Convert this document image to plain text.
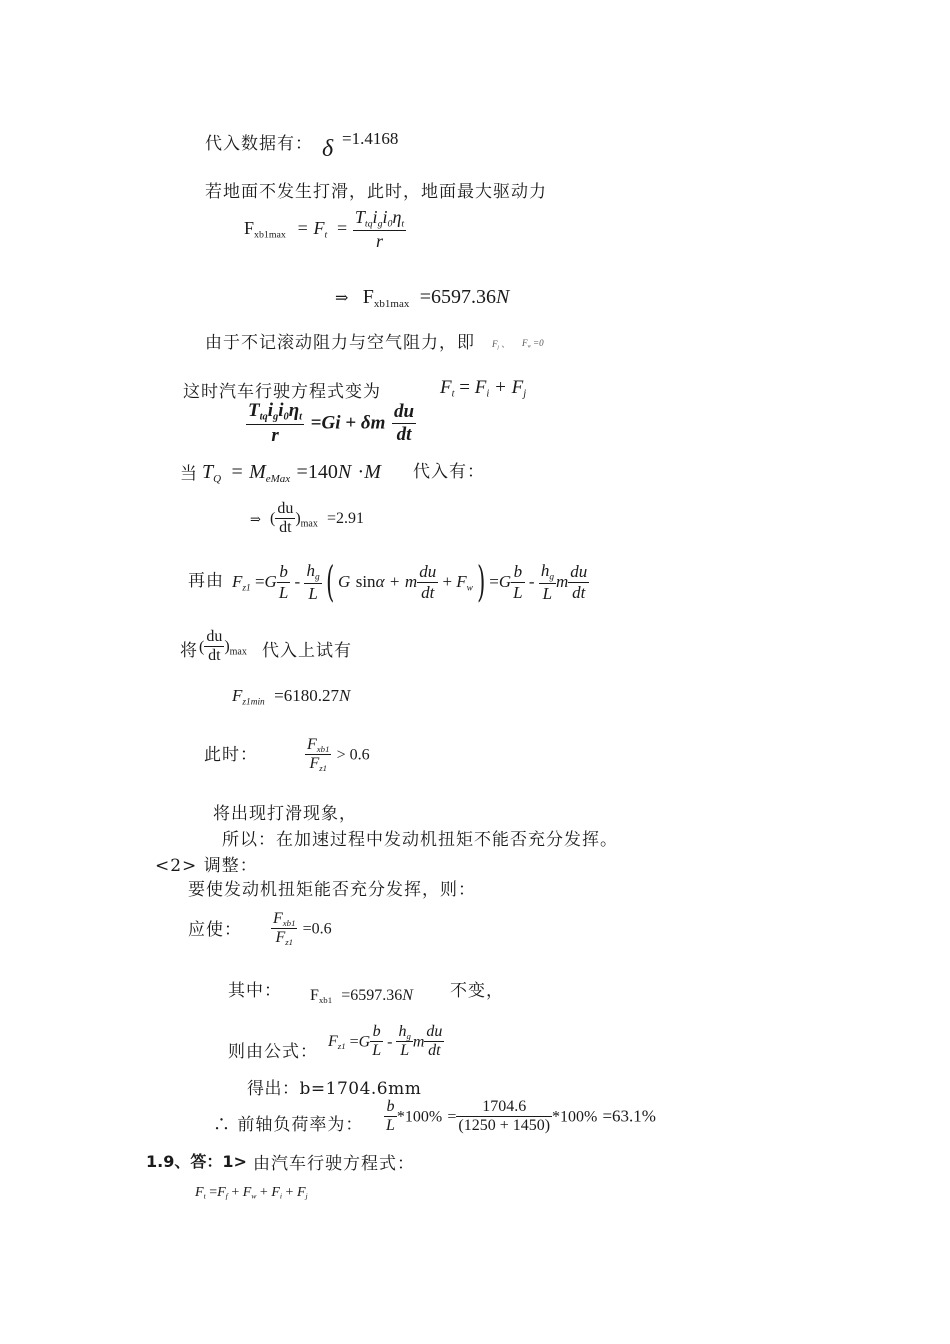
代入数据有： δ =1.4168
若地面不发生打滑，此时，地面最大驱动力
$F_{xb1max} = F_t = \frac{T_{tq}i_gi_0\eta_t}{r}$
⇒ $F_{xb1max} =6597.36N$
由于不记滚动阻力与空气阻力，即 $F_j$ 、 $F_w =0$
这时汽车行驶方程式变为	$F_t = F_i + F_j$
$\frac{T_{tq}i_gi_0\eta_t}{r} =Gi + \delta m \frac{du}{dt}$
当 $T_Q = M_{eMax} =140N \cdot M$ 代入有：
⇒ ( $\frac{du}{dt} )_{max} =2.91$
再由 $F_{z1} =G \frac{b}{L} - \frac{h_g}{L}$ ( G sinα + m $\frac{du}{dt} + F_w) =G \frac{b}{L} - \frac{h_g}{L}$ m $\frac{du}{dt}$
将 ( $\frac{du}{dt} )_{max}$ 代入上试有
$F_{z1min} =6180.27N$
此时：	$\frac{F_{xb1}}{F_{z1}} > 0.6$
将出现打滑现象，
所以：在加速过程中发动机扭矩不能否充分发挥。
<2> 调整：
要使发动机扭矩能否充分发挥，则：
应使： $\frac{F_{xb1}}{F_{z1}} =0.6$
其中： $F_{xb1} =6597.36N$ 不变，
则由公式：
$F_{z1} =G \frac{b}{L} - \frac{h_g}{L}$ m $\frac{du}{dt}$
得出：b=1704.6mm
∴ 前轴负荷率为： $\frac{b}{L} *100\% = \frac{1704.6}{(1250 + 1450)} *100\% =63.1\%$
1.9、答：1> 由汽车行驶方程式：
$F_t =F_f + F_w + F_i + F_j$
